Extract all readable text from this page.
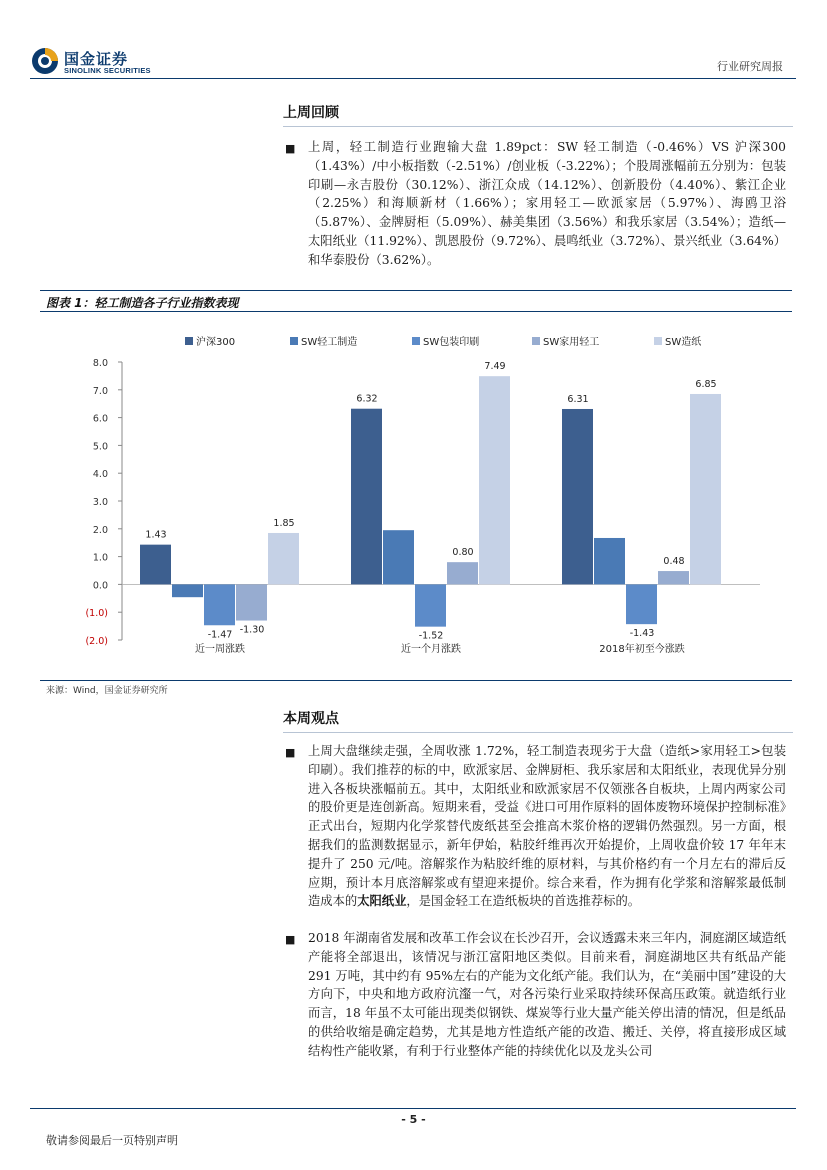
国金证券
SINOLINK SECURITIES	行业研究周报
上周回顾
■ 上周，轻工制造行业跑输大盘 1.89pct：SW 轻工制造（-0.46%）VS 沪深300（1.43%）/中小板指数（-2.51%）/创业板（-3.22%）；个股周涨幅前五分别为：包装印刷—永吉股份（30.12%）、浙江众成（14.12%）、创新股份（4.40%）、紫江企业（2.25%）和海顺新材（1.66%）；家用轻工—欧派家居（5.97%）、海鸥卫浴（5.87%）、金牌厨柜（5.09%）、赫美集团（3.56%）和我乐家居（3.54%）；造纸—太阳纸业（11.92%）、凯恩股份（9.72%）、晨鸣纸业（3.72%）、景兴纸业（3.64%）和华泰股份（3.62%）。
图表 1：轻工制造各子行业指数表现
8.0
7.0
6.0
5.0
4.0
3.0
2.0
1.0
0.0
(1.0)
(2.0)
1.43
-1.47 -1.30
1.85
近一周涨跌
6.32
-1.52
0.80
7.49
近一个月涨跌
6.31
-1.43
0.48
6.85
2018年初至今涨跌
沪深300	SW轻工制造	SW包装印刷	SW家用轻工	SW造纸
来源：Wind，国金证券研究所
本周观点
■ 上周大盘继续走强，全周收涨 1.72%，轻工制造表现劣于大盘（造纸>家用轻工>包装印刷）。我们推荐的标的中，欧派家居、金牌厨柜、我乐家居和太阳纸业，表现优异分别进入各板块涨幅前五。其中，太阳纸业和欧派家居不仅领涨各自板块，上周内两家公司的股价更是连创新高。短期来看，受益《进口可用作原料的固体废物环境保护控制标准》正式出台，短期内化学浆替代废纸甚至会推高木浆价格的逻辑仍然强烈。另一方面，根据我们的监测数据显示，新年伊始，粘胶纤维再次开始提价，上周收盘价较 17 年年末提升了 250 元/吨。溶解浆作为粘胶纤维的原材料，与其价格约有一个月左右的滞后反应期，预计本月底溶解浆或有望迎来提价。综合来看，作为拥有化学浆和溶解浆最低制造成本的太阳纸业，是国金轻工在造纸板块的首选推荐标的。
■ 2018 年湖南省发展和改革工作会议在长沙召开，会议透露未来三年内，洞庭湖区域造纸产能将全部退出，该情况与浙江富阳地区类似。目前来看，洞庭湖地区共有纸品产能 291 万吨，其中约有 95%左右的产能为文化纸产能。我们认为，在“美丽中国”建设的大方向下，中央和地方政府沆瀣一气，对各污染行业采取持续环保高压政策。就造纸行业而言，18 年虽不太可能出现类似钢铁、煤炭等行业大量产能关停出清的情况，但是纸品的供给收缩是确定趋势，尤其是地方性造纸产能的改造、搬迁、关停，将直接形成区域结构性产能收紧，有利于行业整体产能的持续优化以及龙头公司
- 5 -
敬请参阅最后一页特别声明
